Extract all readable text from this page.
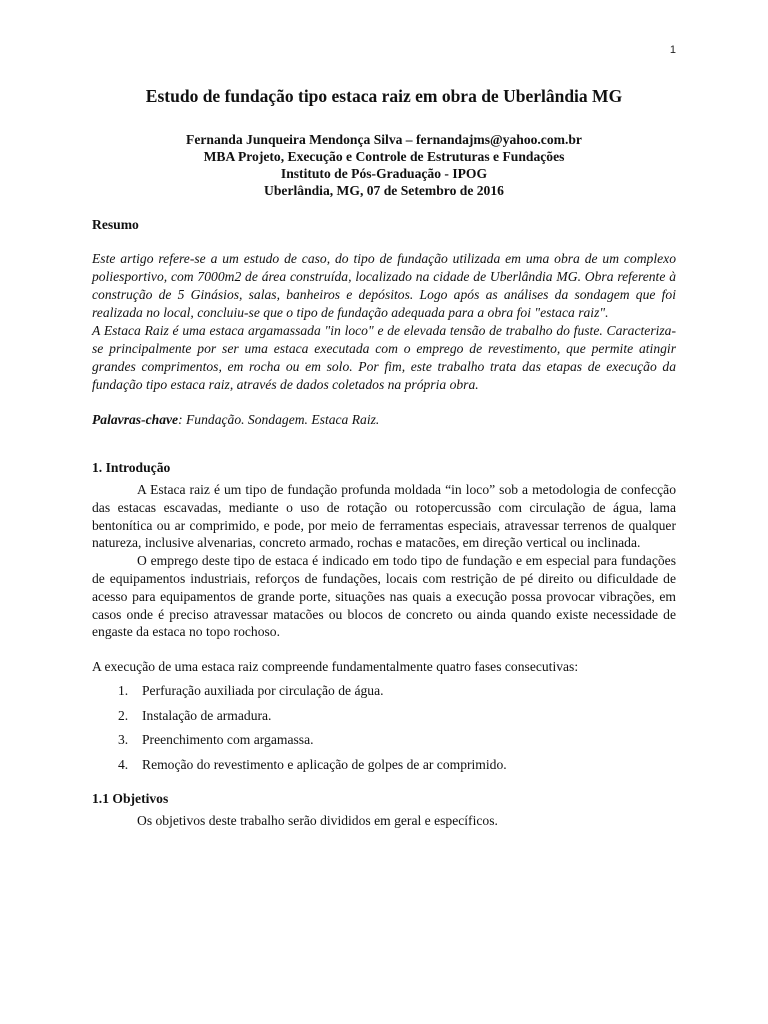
1
Estudo de fundação tipo estaca raiz em obra de Uberlândia MG
Fernanda Junqueira Mendonça Silva – fernandajms@yahoo.com.br
MBA Projeto, Execução e Controle de Estruturas e Fundações
Instituto de Pós-Graduação - IPOG
Uberlândia, MG, 07 de Setembro de 2016
Resumo

Este artigo refere-se a um estudo de caso, do tipo de fundação utilizada em uma obra de um complexo poliesportivo, com 7000m2 de área construída, localizado na cidade de Uberlândia MG. Obra referente à construção de 5 Ginásios, salas, banheiros e depósitos. Logo após as análises da sondagem que foi realizada no local, concluiu-se que o tipo de fundação adequada para a obra foi "estaca raiz".

A Estaca Raiz é uma estaca argamassada "in loco" e de elevada tensão de trabalho do fuste. Caracteriza-se principalmente por ser uma estaca executada com o emprego de revestimento, que permite atingir grandes comprimentos, em rocha ou em solo. Por fim, este trabalho trata das etapas de execução da fundação tipo estaca raiz, através de dados coletados na própria obra.

Palavras-chave: Fundação. Sondagem. Estaca Raiz.
1. Introdução

A Estaca raiz é um tipo de fundação profunda moldada “in loco” sob a metodologia de confecção das estacas escavadas, mediante o uso de rotação ou rotopercussão com circulação de água, lama bentonítica ou ar comprimido, e pode, por meio de ferramentas especiais, atravessar terrenos de qualquer natureza, inclusive alvenarias, concreto armado, rochas e matacões, em direção vertical ou inclinada.

O emprego deste tipo de estaca é indicado em todo tipo de fundação e em especial para fundações de equipamentos industriais, reforços de fundações, locais com restrição de pé direito ou dificuldade de acesso para equipamentos de grande porte, situações nas quais a execução possa provocar vibrações, em casos onde é preciso atravessar matacões ou blocos de concreto ou ainda quando existe necessidade de engaste da estaca no topo rochoso.

A execução de uma estaca raiz compreende fundamentalmente quatro fases consecutivas:

1. Perfuração auxiliada por circulação de água.
2. Instalação de armadura.
3. Preenchimento com argamassa.
4. Remoção do revestimento e aplicação de golpes de ar comprimido.
1.1 Objetivos

Os objetivos deste trabalho serão divididos em geral e específicos.
